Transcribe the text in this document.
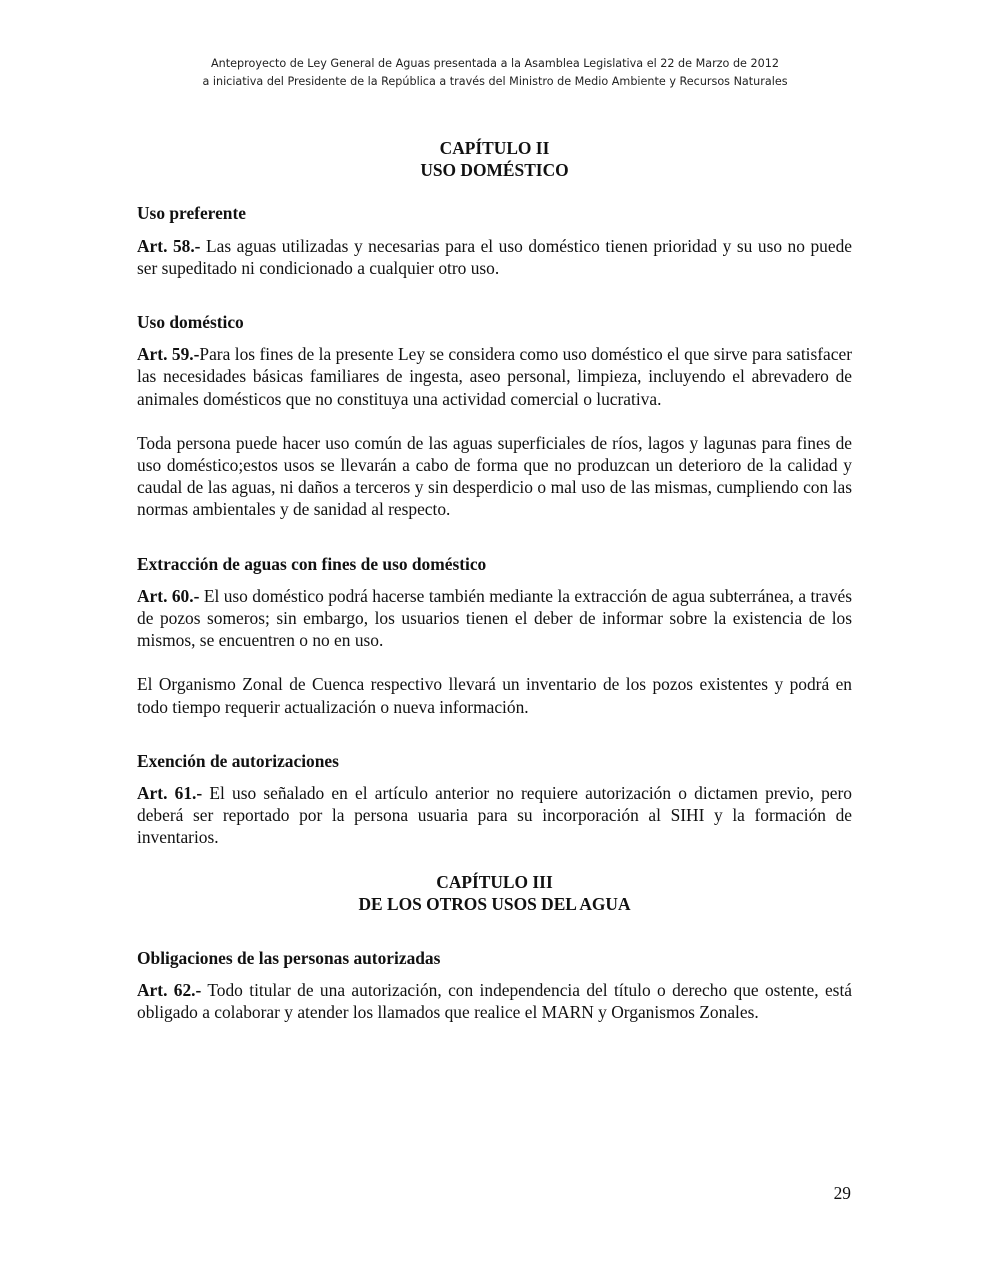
Anteproyecto de Ley General de Aguas presentada a la Asamblea Legislativa el 22 de Marzo de 2012
a iniciativa del Presidente de la República a través del Ministro de Medio Ambiente y Recursos Naturales
CAPÍTULO II
USO DOMÉSTICO

Uso preferente

Art. 58.- Las aguas utilizadas y necesarias para el uso doméstico tienen prioridad y su uso no puede ser supeditado ni condicionado a cualquier otro uso.

Uso doméstico

Art. 59.-Para los fines de la presente Ley se considera como uso doméstico el que sirve para satisfacer las necesidades básicas familiares de ingesta, aseo personal, limpieza, incluyendo el abrevadero de animales domésticos que no constituya una actividad comercial o lucrativa.

Toda persona puede hacer uso común de las aguas superficiales de ríos, lagos y lagunas para fines de uso doméstico;estos usos se llevarán a cabo de forma que no produzcan un deterioro de la calidad y caudal de las aguas, ni daños a terceros y sin desperdicio o mal uso de las mismas, cumpliendo con las normas ambientales y de sanidad al respecto.

Extracción de aguas con fines de uso doméstico

Art. 60.- El uso doméstico podrá hacerse también mediante la extracción de agua subterránea, a través de pozos someros; sin embargo, los usuarios tienen el deber de informar sobre la existencia de los mismos, se encuentren o no en uso.

El Organismo Zonal de Cuenca respectivo llevará un inventario de los pozos existentes y podrá en todo tiempo requerir actualización o nueva información.

Exención de autorizaciones

Art. 61.- El uso señalado en el artículo anterior no requiere autorización o dictamen previo, pero deberá ser reportado por la persona usuaria para su incorporación al SIHI y la formación de inventarios.

CAPÍTULO III
DE LOS OTROS USOS DEL AGUA

Obligaciones de las personas autorizadas

Art. 62.- Todo titular de una autorización, con independencia del título o derecho que ostente, está obligado a colaborar y atender los llamados que realice el MARN y Organismos Zonales.

29
